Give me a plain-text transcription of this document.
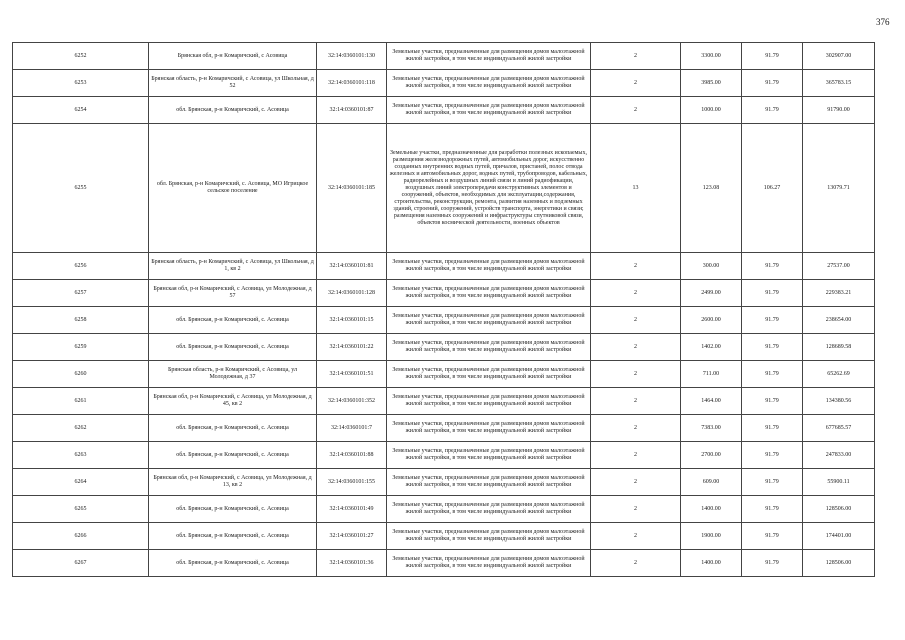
376
6252	Брянская обл, р-н Комаричский, с Асовица	32:14:0360101:130	Земельные участки, предназначенные для размещения домов малоэтажной жилой застройки, в том числе индивидуальной жилой застройки	2	3300.00	91.79	302907.00
6253	Брянская область, р-н Комаричский, с Асовица, ул Школьная, д 52	32:14:0360101:118	Земельные участки, предназначенные для размещения домов малоэтажной жилой застройки, в том числе индивидуальной жилой застройки	2	3985.00	91.79	365783.15
6254	обл. Брянская, р-н Комаричский, с. Асовица	32:14:0360101:87	Земельные участки, предназначенные для размещения домов малоэтажной жилой застройки, в том числе индивидуальной жилой застройки	2	1000.00	91.79	91790.00
6255	обл. Брянская, р-н Комаричский, с. Асовица, МО Игрицкое сельское поселение	32:14:0360101:185	Земельные участки, предназначенные для разработки полезных ископаемых, размещения железнодорожных путей, автомобильных дорог, искусственно созданных внутренних водных путей, причалов, пристаней, полос отвода железных и автомобильных дорог, водных путей, трубопроводов, кабельных, радиорелейных и воздушных линий связи и линий радиофикации, воздушных линий электропередачи конструктивных элементов и сооружений, объектов, необходимых для эксплуатации,содержания, строительства, реконструкции, ремонта, развития наземных и подземных зданий, строений, сооружений, устройств транспорта, энергетики и связи; размещения наземных сооружений и инфраструктуры спутниковой связи, объектов космической деятельности, военных объектов	13	123.08	106.27	13079.71
6256	Брянская область, р-н Комаричский, с Асовица, ул Школьная, д 1, кв 2	32:14:0360101:81	Земельные участки, предназначенные для размещения домов малоэтажной жилой застройки, в том числе индивидуальной жилой застройки	2	300.00	91.79	27537.00
6257	Брянская обл, р-н Комаричский, с Асовица, ул Молодежная, д 57	32:14:0360101:128	Земельные участки, предназначенные для размещения домов малоэтажной жилой застройки, в том числе индивидуальной жилой застройки	2	2499.00	91.79	229383.21
6258	обл. Брянская, р-н Комаричский, с. Асовица	32:14:0360101:15	Земельные участки, предназначенные для размещения домов малоэтажной жилой застройки, в том числе индивидуальной жилой застройки	2	2600.00	91.79	238654.00
6259	обл. Брянская, р-н Комаричский, с. Асовица	32:14:0360101:22	Земельные участки, предназначенные для размещения домов малоэтажной жилой застройки, в том числе индивидуальной жилой застройки	2	1402.00	91.79	128689.58
6260	Брянская область, р-н Комаричский, с Асовица, ул Молодежная, д 37	32:14:0360101:51	Земельные участки, предназначенные для размещения домов малоэтажной жилой застройки, в том числе индивидуальной жилой застройки	2	711.00	91.79	65262.69
6261	Брянская обл, р-н Комаричский, с Асовица, ул Молодежная, д 45, кв 2	32:14:0360101:352	Земельные участки, предназначенные для размещения домов малоэтажной жилой застройки, в том числе индивидуальной жилой застройки	2	1464.00	91.79	134380.56
6262	обл. Брянская, р-н Комаричский, с. Асовица	32:14:0360101:7	Земельные участки, предназначенные для размещения домов малоэтажной жилой застройки, в том числе индивидуальной жилой застройки	2	7383.00	91.79	677685.57
6263	обл. Брянская, р-н Комаричский, с. Асовица	32:14:0360101:88	Земельные участки, предназначенные для размещения домов малоэтажной жилой застройки, в том числе индивидуальной жилой застройки	2	2700.00	91.79	247833.00
6264	Брянская обл, р-н Комаричский, с Асовица, ул Молодежная, д 13, кв 2	32:14:0360101:155	Земельные участки, предназначенные для размещения домов малоэтажной жилой застройки, в том числе индивидуальной жилой застройки	2	609.00	91.79	55900.11
6265	обл. Брянская, р-н Комаричский, с. Асовица	32:14:0360101:49	Земельные участки, предназначенные для размещения домов малоэтажной жилой застройки, в том числе индивидуальной жилой застройки	2	1400.00	91.79	128506.00
6266	обл. Брянская, р-н Комаричский, с. Асовица	32:14:0360101:27	Земельные участки, предназначенные для размещения домов малоэтажной жилой застройки, в том числе индивидуальной жилой застройки	2	1900.00	91.79	174401.00
6267	обл. Брянская, р-н Комаричский, с. Асовица	32:14:0360101:36	Земельные участки, предназначенные для размещения домов малоэтажной жилой застройки, в том числе индивидуальной жилой застройки	2	1400.00	91.79	128506.00
